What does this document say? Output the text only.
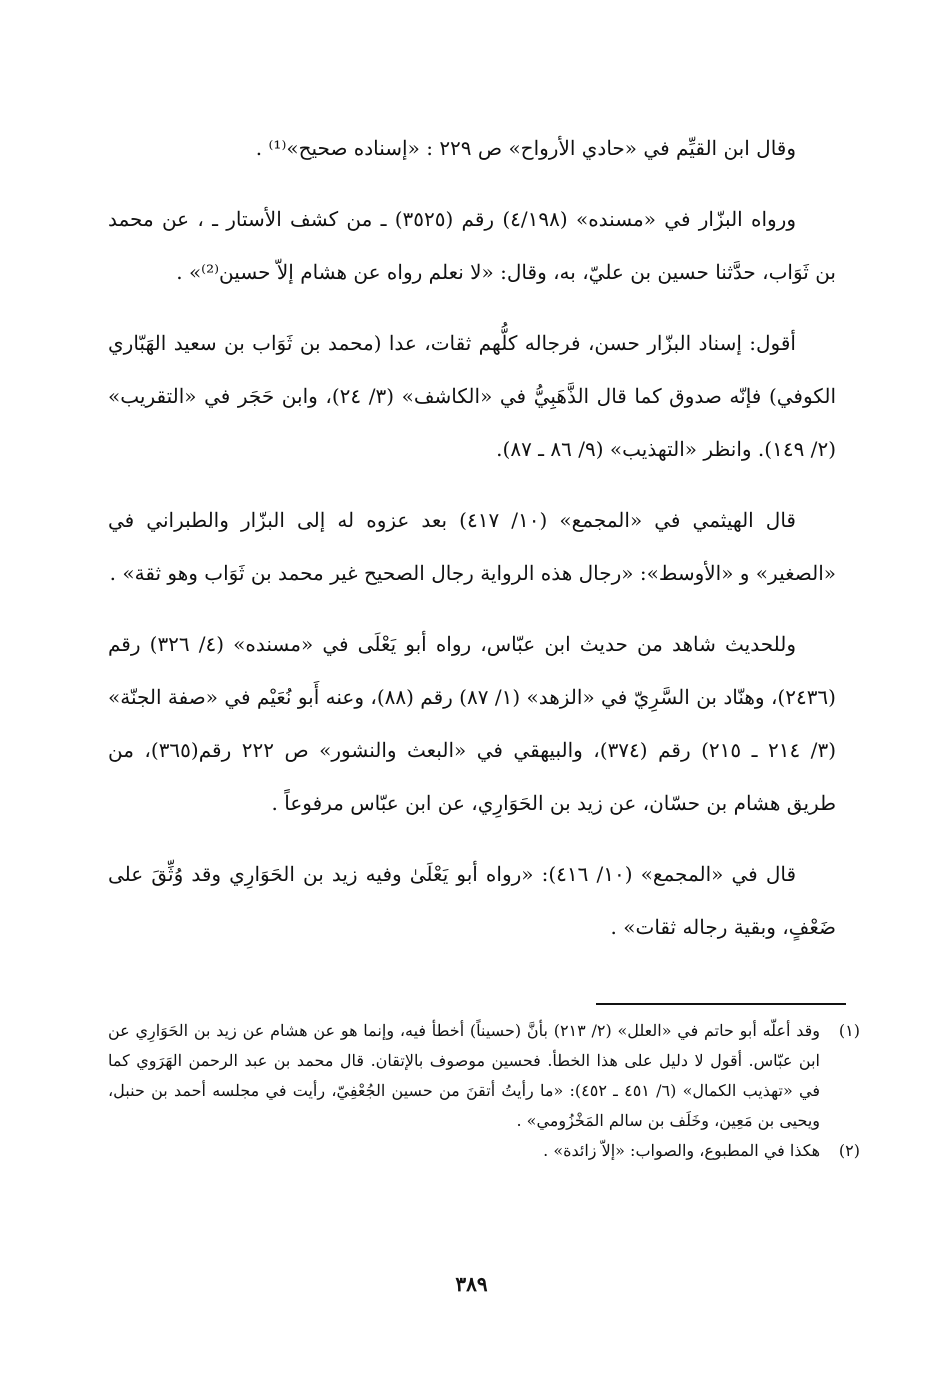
وقال ابن القيِّم في «حادي الأرواح» ص ٢٢٩ : «إسناده صحيح»⁽¹⁾ .

ورواه البزّار في «مسنده» (٤/١٩٨) رقم (٣٥٢٥) ـ من كشف الأستار ـ ، عن محمد بن ثَوَاب، حدَّثنا حسين بن عليّ، به، وقال: «لا نعلم رواه عن هشام إلاّ حسين⁽²⁾» .

أقول: إسناد البزّار حسن، فرجاله كلُّهم ثقات، عدا (محمد بن ثَوَاب بن سعيد الهَبّاري الكوفي) فإنّه صدوق كما قال الذَّهَبِيُّ في «الكاشف» (٣/ ٢٤)، وابن حَجَر في «التقريب» (٢/ ١٤٩). وانظر «التهذيب» (٩/ ٨٦ ـ ٨٧).

قال الهيثمي في «المجمع» (١٠/ ٤١٧) بعد عزوه له إلى البزّار والطبراني في «الصغير» و «الأوسط»: «رجال هذه الرواية رجال الصحيح غير محمد بن ثَوَاب وهو ثقة» .

وللحديث شاهد من حديث ابن عبّاس، رواه أبو يَعْلَى في «مسنده» (٤/ ٣٢٦) رقم (٢٤٣٦)، وهنّاد بن السَّرِيّ في «الزهد» (١/ ٨٧) رقم (٨٨)، وعنه أَبو نُعَيْم في «صفة الجنّة» (٣/ ٢١٤ ـ ٢١٥) رقم (٣٧٤)، والبيهقي في «البعث والنشور» ص ٢٢٢ رقم(٣٦٥)، من طريق هشام بن حسّان، عن زيد بن الحَوَارِي، عن ابن عبّاس مرفوعاً .

قال في «المجمع» (١٠/ ٤١٦): «رواه أبو يَعْلَىٰ وفيه زيد بن الحَوَارِي وقد وُثِّقَ على ضَعْفٍ، وبقية رجاله ثقات» .

(١)
وقد أعلّه أبو حاتم في «العلل» (٢/ ٢١٣) بأنَّ (حسيناً) أخطأ فيه، وإنما هو عن هشام عن زيد بن الحَوَارِي عن ابن عبّاس. أقول لا دليل على هذا الخطأ. فحسين موصوف بالإتقان. قال محمد بن عبد الرحمن الهَرَوي كما في «تهذيب الكمال» (٦/ ٤٥١ ـ ٤٥٢): «ما رأيتُ أتقنَ من حسين الجُعْفِيّ، رأيت في مجلسه أحمد بن حنبل، ويحيى بن مَعِين، وخَلَف بن سالم المَخْزُومي» .
(٢)
هكذا في المطبوع، والصواب: «إلاّ زائدة» .
٣٨٩
